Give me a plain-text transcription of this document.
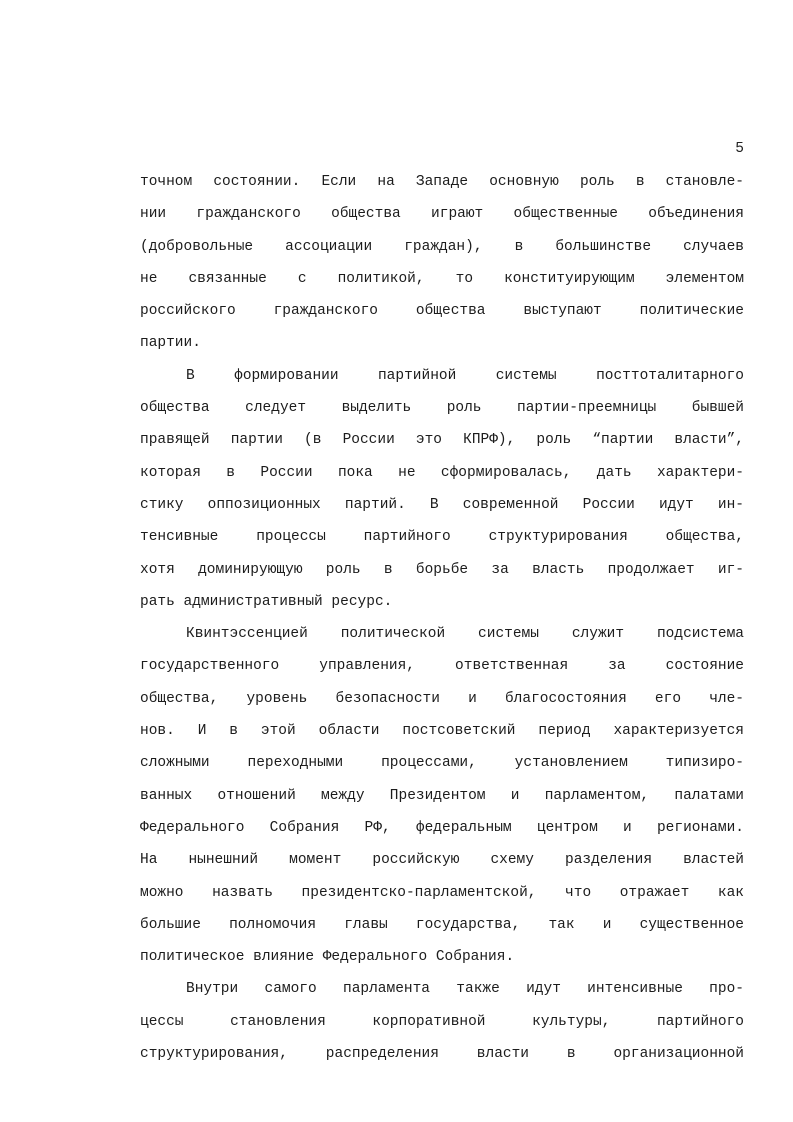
5
точном состоянии. Если на Западе основную роль в становле-
нии гражданского общества играют общественные объединения
(добровольные ассоциации граждан), в большинстве случаев
не связанные с политикой, то конституирующим элементом
российского гражданского общества выступают политические
партии.
В формировании партийной системы посттоталитарного
общества следует выделить роль партии-преемницы бывшей
правящей партии (в России это КПРФ), роль “партии власти”,
которая в России пока не сформировалась, дать характери-
стику оппозиционных партий. В современной России идут ин-
тенсивные процессы партийного структурирования общества,
хотя доминирующую роль в борьбе за власть продолжает иг-
рать административный ресурс.
Квинтэссенцией политической системы служит подсистема
государственного управления, ответственная за состояние
общества, уровень безопасности и благосостояния его чле-
нов. И в этой области постсоветский период характеризуется
сложными переходными процессами, установлением типизиро-
ванных отношений между Президентом и парламентом, палатами
Федерального Собрания РФ, федеральным центром и регионами.
На нынешний момент российскую схему разделения властей
можно назвать президентско-парламентской, что отражает как
большие полномочия главы государства, так и существенное
политическое влияние Федерального Собрания.
Внутри самого парламента также идут интенсивные про-
цессы становления корпоративной культуры, партийного
структурирования, распределения власти в организационной
